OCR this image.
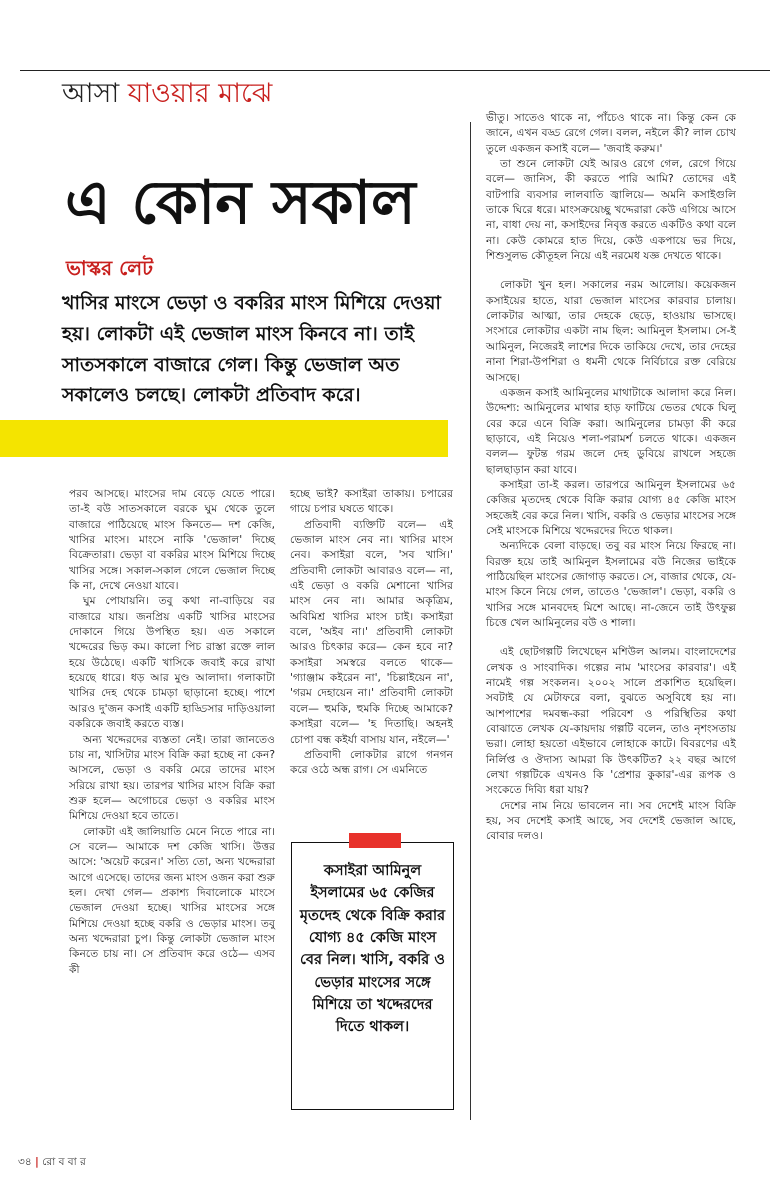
আসা যাওয়ার মাঝে
এ কোন সকাল
ভাস্কর লেট

খাসির মাংসে ভেড়া ও বকরির মাংস মিশিয়ে দেওয়া হয়। লোকটা এই ভেজাল মাংস কিনবে না। তাই সাতসকালে বাজারে গেল। কিন্তু ভেজাল অত সকালেও চলছে। লোকটা প্রতিবাদ করে।

পরব আসছে। মাংসের দাম বেড়ে যেতে পারে। তা-ই বউ সাতসকালে বরকে ঘুম থেকে তুলে বাজারে পাঠিয়েছে মাংস কিনতে— দশ কেজি, খাসির মাংস। মাংসে নাকি 'ভেজাল' দিচ্ছে বিক্রেতারা। ভেড়া বা বকরির মাংস মিশিয়ে দিচ্ছে খাসির সঙ্গে। সকাল-সকাল গেলে ভেজাল দিচ্ছে কি না, দেখে নেওয়া যাবে।

ঘুম পোযায়নি। তবু কথা না-বাড়িয়ে বর বাজারে যায়। জনপ্রিয় একটি খাসির মাংসের দোকানে গিয়ে উপস্থিত হয়। এত সকালে খদ্দেরের ভিড় কম। কালো পিচ রাস্তা রক্তে লাল হয়ে উঠেছে। একটি খাসিকে জবাই করে রাখা হয়েছে ধারে। ধড় আর মুণ্ড আলাদা। গলাকাটা খাসির দেহ থেকে চামড়া ছাড়ানো হচ্ছে। পাশে আরও দু'জন কসাই একটি হাড্ডিসার দাড়িওয়ালা বকরিকে জবাই করতে ব্যস্ত।

অন্য খদ্দেরদের ব্যস্ততা নেই। তারা জানতেও চায় না, খাসিটার মাংস বিক্রি করা হচ্ছে না কেন? আসলে, ভেড়া ও বকরি মেরে তাদের মাংস সরিয়ে রাখা হয়। তারপর খাসির মাংস বিক্রি করা শুরু হলে— অগোচরে ভেড়া ও বকরির মাংস মিশিয়ে দেওয়া হবে তাতে।

লোকটা এই জালিয়াতি মেনে নিতে পারে না। সে বলে— আমাকে দশ কেজি খাসি। উত্তর আসে: 'অয়েট করেন।' সত্যি তো, অন্য খদ্দেরারা আগে এসেছে। তাদের জন্য মাংস ওজন করা শুরু হল। দেখা গেল— প্রকাশ্য দিবালোকে মাংসে ভেজাল দেওয়া হচ্ছে। খাসির মাংসের সঙ্গে মিশিয়ে দেওয়া হচ্ছে বকরি ও ভেড়ার মাংস। তবু অন্য খদ্দেরারা চুপ। কিন্তু লোকটা ভেজাল মাংস কিনতে চায় না। সে প্রতিবাদ করে ওঠে— এসব কী

হচ্ছে ভাই? কসাইরা তাকায়। চপারের গায়ে চপার ঘষতে থাকে।

প্রতিবাদী ব্যক্তিটি বলে— এই ভেজাল মাংস নেব না। খাসির মাংস নেব। কসাইরা বলে, 'সব খাসি।' প্রতিবাদী লোকটা আবারও বলে— না, এই ভেড়া ও বকরি মেশানো খাসির মাংস নেব না। আমার অকৃত্রিম, অবিমিশ্র খাসির মাংস চাই। কসাইরা বলে, 'অইব না।' প্রতিবাদী লোকটা আরও চিৎকার করে— কেন হবে না? কসাইরা সমস্বরে বলতে থাকে— 'গ্যাঞ্জাম কইরেন না', 'চিল্লাইয়েন না', 'গরম দেহায়েন না।' প্রতিবাদী লোকটা বলে— হুমকি, হুমকি দিচ্ছে আমাকে? কসাইরা বলে— 'হ দিতাছি। অহনই চোপা বন্ধ কইর্যা বাসায় যান, নইলে—'

প্রতিবাদী লোকটার রাগে গনগন করে ওঠে অন্ধ রাগ। সে এমনিতে

কসাইরা আমিনুল ইসলামের ৬৫ কেজির মৃতদেহ থেকে বিক্রি করার যোগ্য ৪৫ কেজি মাংস বের নিল। খাসি, বকরি ও ভেড়ার মাংসের সঙ্গে মিশিয়ে তা খদ্দেরদের দিতে থাকল।

ভীতু। সাতেও থাকে না, পাঁচেও থাকে না। কিন্তু কেন কে জানে, এখন বড্ড রেগে গেল। বলল, নইলে কী? লাল চোখ তুলে একজন কসাই বলে— 'জবাই করুম।'

তা শুনে লোকটা যেই আরও রেগে গেল, রেগে গিয়ে বলে— জানিস, কী করতে পারি আমি? তোদের এই বাটপারি ব্যবসার লালবাতি জ্বালিয়ে— অমনি কসাইগুলি তাকে ঘিরে ধরে। মাংসক্রয়েচ্ছু খদ্দেরারা কেউ এগিয়ে আসে না, বাধা দেয় না, কসাইদের নিবৃত্ত করতে একটিও কথা বলে না। কেউ কোমরে হাত দিয়ে, কেউ একপায়ে ভর দিয়ে, শিশুসুলভ কৌতূহল নিয়ে এই নরমেধ যজ্ঞ দেখতে থাকে।

লোকটা খুন হল। সকালের নরম আলোয়। কয়েকজন কসাইয়ের হাতে, যারা ভেজাল মাংসের কারবার চালায়। লোকটার আত্মা, তার দেহকে ছেড়ে, হাওয়ায় ভাসছে। সংসারে লোকটার একটা নাম ছিল: আমিনুল ইসলাম। সে-ই আমিনুল, নিজেরই লাশের দিকে তাকিয়ে দেখে, তার দেহের নানা শিরা-উপশিরা ও ধমনী থেকে নির্বিচারে রক্ত বেরিয়ে আসছে।

একজন কসাই আমিনুলের মাথাটাকে আলাদা করে নিল। উদ্দেশ্য: আমিনুলের মাথার হাড় ফাটিয়ে ভেতর থেকে ঘিলু বের করে এনে বিক্রি করা। আমিনুলের চামড়া কী করে ছাড়াবে, এই নিয়েও শলা-পরামর্শ চলতে থাকে। একজন বলল— ফুটন্ত গরম জলে দেহ ডুবিয়ে রাখলে সহজে ছালছাড়ান করা যাবে।

কসাইরা তা-ই করল। তারপরে আমিনুল ইসলামের ৬৫ কেজির মৃতদেহ থেকে বিক্রি করার যোগ্য ৪৫ কেজি মাংস সহজেই বের করে নিল। খাসি, বকরি ও ভেড়ার মাংসের সঙ্গে সেই মাংসকে মিশিয়ে খদ্দেরদের দিতে থাকল।

অন্যদিকে বেলা বাড়ছে। তবু বর মাংস নিয়ে ফিরছে না। বিরক্ত হয়ে তাই আমিনুল ইসলামের বউ নিজের ভাইকে পাঠিয়েছিল মাংসের জোগাড় করতে। সে, বাজার থেকে, যে-মাংস কিনে নিয়ে গেল, তাতেও 'ভেজাল'। ভেড়া, বকরি ও খাসির সঙ্গে মানবদেহ মিশে আছে। না-জেনে তাই উৎফুল্ল চিত্তে খেল আমিনুলের বউ ও শালা।

এই ছোটগল্পটি লিখেছেন মশিউল আলম। বাংলাদেশের লেখক ও সাংবাদিক। গল্পের নাম 'মাংসের কারবার'। এই নামেই গল্প সংকলন। ২০০২ সালে প্রকাশিত হয়েছিল। সবটাই যে মেটাফরে বলা, বুঝতে অসুবিধে হয় না। আশপাশের দমবন্ধ-করা পরিবেশ ও পরিস্থিতির কথা বোঝাতে লেখক যে-কায়দায় গল্পটি বলেন, তাও নৃশংসতায় ভরা। লোহা হয়তো এইভাবে লোহাকে কাটে। বিবরণের এই নির্লিপ্ত ও ঔদাস্য আমরা কি উৎকটিত? ২২ বছর আগে লেখা গল্পটিকে এখনও কি 'প্রেশার কুকার'-এর রূপক ও সংকেতে দিব্যি ধরা যায়?

দেশের নাম নিয়ে ভাবলেন না। সব দেশেই মাংস বিক্রি হয়, সব দেশেই কসাই আছে, সব দেশেই ভেজাল আছে, বোবার দলও।

৩৪ | রো ব বা র
